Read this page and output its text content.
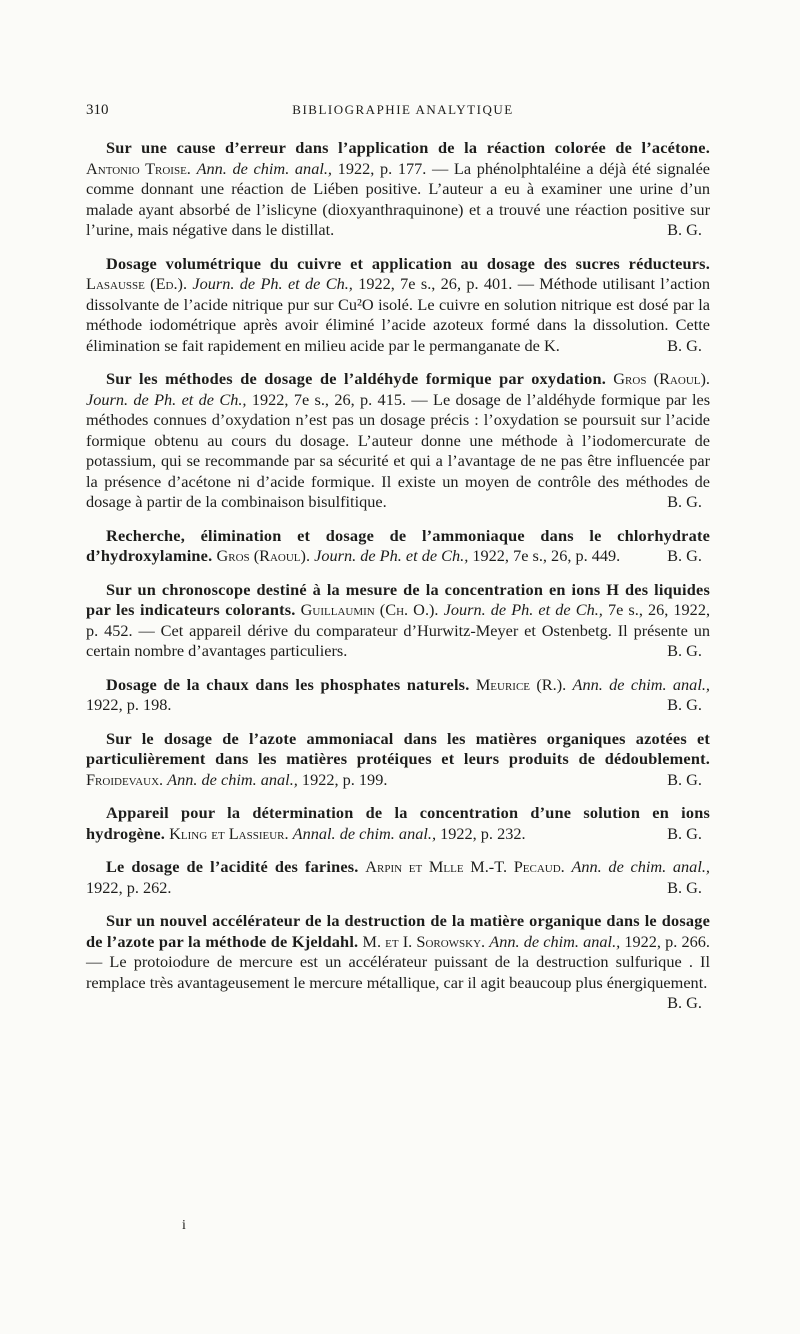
310	BIBLIOGRAPHIE ANALYTIQUE
Sur une cause d’erreur dans l’application de la réaction colorée de l’acétone. Antonio Troise. Ann. de chim. anal., 1922, p. 177. — La phénolphtaléine a déjà été signalée comme donnant une réaction de Liében positive. L’auteur a eu à examiner une urine d’un malade ayant absorbé de l’islicyne (dioxyanthraquinone) et a trouvé une réaction positive sur l’urine, mais négative dans le distillat.	B. G.
Dosage volumétrique du cuivre et application au dosage des sucres réducteurs. Lasausse (Ed.). Journ. de Ph. et de Ch., 1922, 7e s., 26, p. 401. — Méthode utilisant l’action dissolvante de l’acide nitrique pur sur Cu²O isolé. Le cuivre en solution nitrique est dosé par la méthode iodométrique après avoir éliminé l’acide azoteux formé dans la dissolution. Cette élimination se fait rapidement en milieu acide par le permanganate de K.	B. G.
Sur les méthodes de dosage de l’aldéhyde formique par oxydation. Gros (Raoul). Journ. de Ph. et de Ch., 1922, 7e s., 26, p. 415. — Le dosage de l’aldéhyde formique par les méthodes connues d’oxydation n’est pas un dosage précis : l’oxydation se poursuit sur l’acide formique obtenu au cours du dosage. L’auteur donne une méthode à l’iodomercurate de potassium, qui se recommande par sa sécurité et qui a l’avantage de ne pas être influencée par la présence d’acétone ni d’acide formique. Il existe un moyen de contrôle des méthodes de dosage à partir de la combinaison bisulfitique.	B. G.
Recherche, élimination et dosage de l’ammoniaque dans le chlorhydrate d’hydroxylamine. Gros (Raoul). Journ. de Ph. et de Ch., 1922, 7e s., 26, p. 449.	B. G.
Sur un chronoscope destiné à la mesure de la concentration en ions H des liquides par les indicateurs colorants. Guillaumin (Ch. O.). Journ. de Ph. et de Ch., 7e s., 26, 1922, p. 452. — Cet appareil dérive du comparateur d’Hurwitz-Meyer et Ostenbetg. Il présente un certain nombre d’avantages particuliers.	B. G.
Dosage de la chaux dans les phosphates naturels. Meurice (R.). Ann. de chim. anal., 1922, p. 198.	B. G.
Sur le dosage de l’azote ammoniacal dans les matières organiques azotées et particulièrement dans les matières protéiques et leurs produits de dédoublement. Froidevaux. Ann. de chim. anal., 1922, p. 199.	B. G.
Appareil pour la détermination de la concentration d’une solution en ions hydrogène. Kling et Lassieur. Annal. de chim. anal., 1922, p. 232.	B. G.
Le dosage de l’acidité des farines. Arpin et Mlle M.-T. Pecaud. Ann. de chim. anal., 1922, p. 262.	B. G.
Sur un nouvel accélérateur de la destruction de la matière organique dans le dosage de l’azote par la méthode de Kjeldahl. M. et I. Sorowsky. Ann. de chim. anal., 1922, p. 266. — Le protoiodure de mercure est un accélérateur puissant de la destruction sulfurique . Il remplace très avantageusement le mercure métallique, car il agit beaucoup plus énergiquement.
B. G.
i
